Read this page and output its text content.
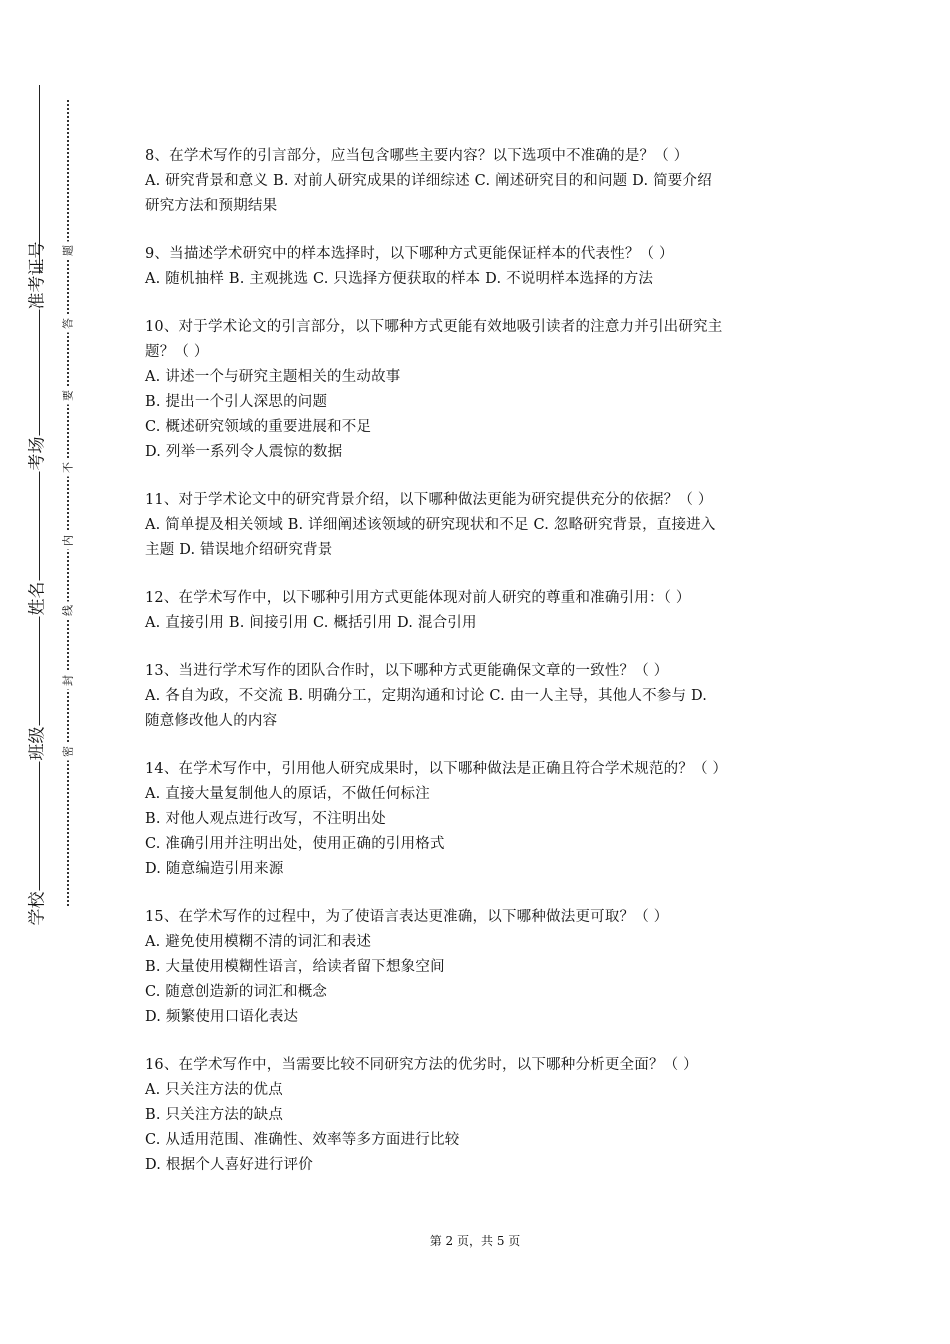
准考证号
考场
姓名
班级
学校
题
答
要
不
内
线
封
密

8、在学术写作的引言部分，应当包含哪些主要内容？以下选项中不准确的是？（ ）

A. 研究背景和意义 B. 对前人研究成果的详细综述 C. 阐述研究目的和问题 D. 简要介绍

研究方法和预期结果

9、当描述学术研究中的样本选择时，以下哪种方式更能保证样本的代表性？（ ）

A. 随机抽样 B. 主观挑选 C. 只选择方便获取的样本 D. 不说明样本选择的方法

10、对于学术论文的引言部分，以下哪种方式更能有效地吸引读者的注意力并引出研究主

题？（ ）

A. 讲述一个与研究主题相关的生动故事

B. 提出一个引人深思的问题

C. 概述研究领域的重要进展和不足

D. 列举一系列令人震惊的数据

11、对于学术论文中的研究背景介绍，以下哪种做法更能为研究提供充分的依据？（ ）

A. 简单提及相关领域 B. 详细阐述该领域的研究现状和不足 C. 忽略研究背景，直接进入

主题 D. 错误地介绍研究背景

12、在学术写作中，以下哪种引用方式更能体现对前人研究的尊重和准确引用：（ ）

A. 直接引用 B. 间接引用 C. 概括引用 D. 混合引用

13、当进行学术写作的团队合作时，以下哪种方式更能确保文章的一致性？（ ）

A. 各自为政，不交流 B. 明确分工，定期沟通和讨论 C. 由一人主导，其他人不参与 D.

随意修改他人的内容

14、在学术写作中，引用他人研究成果时，以下哪种做法是正确且符合学术规范的？（ ）

A. 直接大量复制他人的原话，不做任何标注

B. 对他人观点进行改写，不注明出处

C. 准确引用并注明出处，使用正确的引用格式

D. 随意编造引用来源

15、在学术写作的过程中，为了使语言表达更准确，以下哪种做法更可取？（ ）

A. 避免使用模糊不清的词汇和表述

B. 大量使用模糊性语言，给读者留下想象空间

C. 随意创造新的词汇和概念

D. 频繁使用口语化表达

16、在学术写作中，当需要比较不同研究方法的优劣时，以下哪种分析更全面？（ ）

A. 只关注方法的优点

B. 只关注方法的缺点

C. 从适用范围、准确性、效率等多方面进行比较

D. 根据个人喜好进行评价

第 2 页，共 5 页
